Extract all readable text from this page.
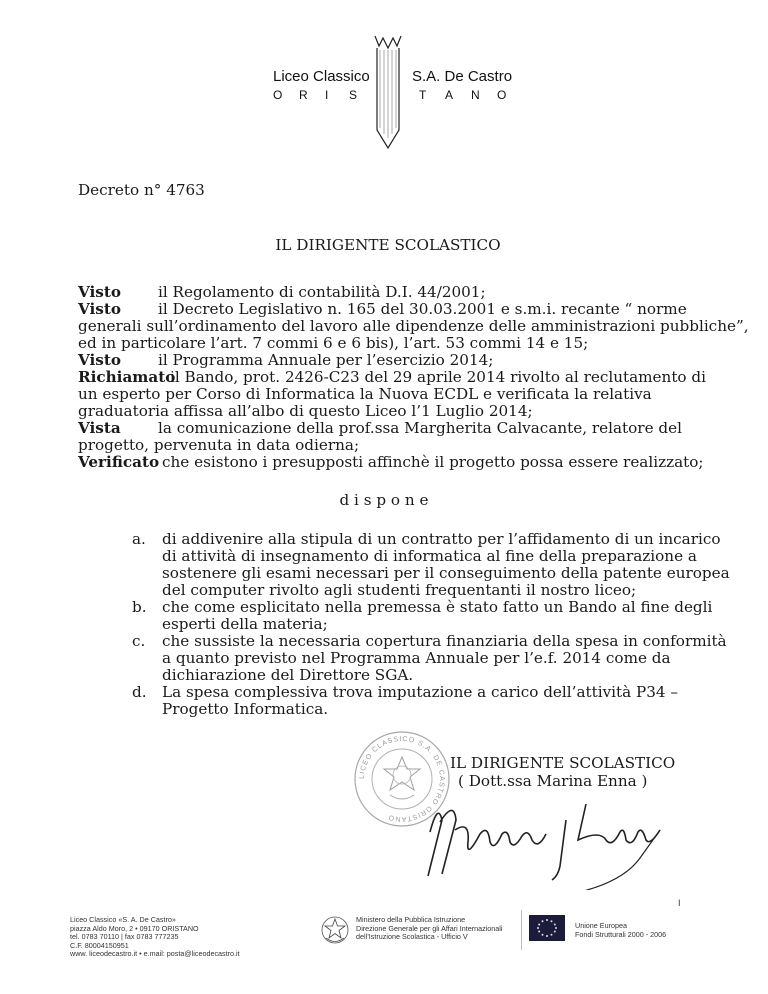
Liceo Classico	S.A. De Castro
O R I S	T A N O
Decreto n° 4763
IL DIRIGENTE SCOLASTICO
Visto il Regolamento di contabilità D.I. 44/2001;
Visto il Decreto Legislativo n. 165 del 30.03.2001 e s.m.i. recante “ norme
generali sull’ordinamento del lavoro alle dipendenze delle amministrazioni pubbliche”,
ed in particolare l’art. 7 commi 6 e 6 bis), l’art. 53 commi 14 e 15;
Visto il Programma Annuale per l’esercizio 2014;
Richiamatoil Bando, prot. 2426-C23 del 29 aprile 2014 rivolto al reclutamento di
un esperto per Corso di Informatica la Nuova ECDL e verificata la relativa
graduatoria affissa all’albo di questo Liceo l’1 Luglio 2014;
Vista la comunicazione della prof.ssa Margherita Calvacante, relatore del
progetto, pervenuta in data odierna;
Verificato che esistono i presupposti affinchè il progetto possa essere realizzato;
d i s p o n e
a. di addivenire alla stipula di un contratto per l’affidamento di un incarico
di attività di insegnamento di informatica al fine della preparazione a
sostenere gli esami necessari per il conseguimento della patente europea
del computer rivolto agli studenti frequentanti il nostro liceo;
b. che come esplicitato nella premessa è stato fatto un Bando al fine degli
esperti della materia;
c. che sussiste la necessaria copertura finanziaria della spesa in conformità
a quanto previsto nel Programma Annuale per l’e.f. 2014 come da
dichiarazione del Direttore SGA.
d. La spesa complessiva trova imputazione a carico dell’attività P34 –
Progetto Informatica.
LICEO CLASSICO S.A. DE CASTRO ORISTANO
IL DIRIGENTE SCOLASTICO
( Dott.ssa Marina Enna )
Liceo Classico «S. A. De Castro»
piazza Aldo Moro, 2 • 09170 ORISTANO
tel. 0783 70110 | fax 0783 777235
C.F. 80004150951
www. liceodecastro.it • e.mail: posta@liceodecastro.it
Ministero della Pubblica Istruzione
Direzione Generale per gli Affari Internazionali
dell’Istruzione Scolastica - Ufficio V
Unione Europea
Fondi Strutturali 2000 - 2006
I
